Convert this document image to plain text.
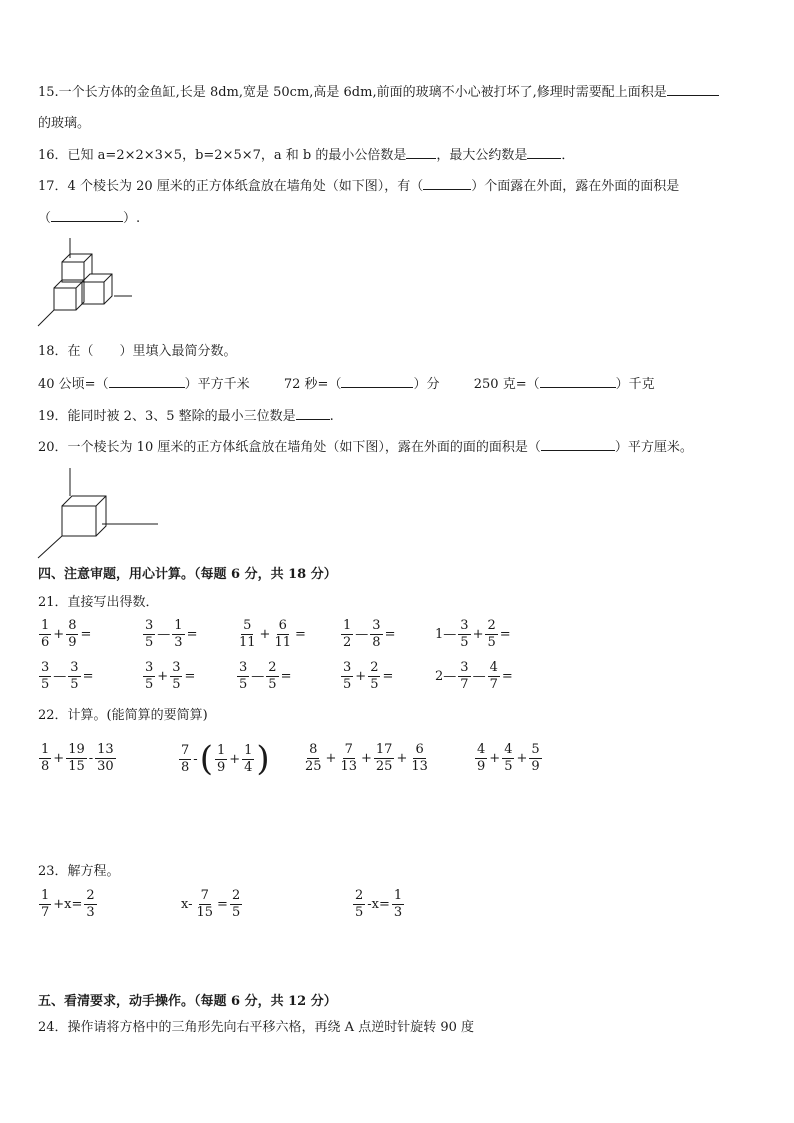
15.一个长方体的金鱼缸,长是 8dm,宽是 50cm,高是 6dm,前面的玻璃不小心被打坏了,修理时需要配上面积是
的玻璃。
16．已知 a=2×2×3×5，b=2×5×7，a 和 b 的最小公倍数是 ，最大公约数是	．
17．4 个棱长为 20 厘米的正方体纸盒放在墙角处（如下图），有（	）个面露在外面，露在外面的面积是
（	）.
18．在（　　）里填入最简分数。
40 公顷=（	）平方千米	72 秒=（	）分	250 克=（	）千克
19．能同时被 2、3、5 整除的最小三位数是	.
20．一个棱长为 10 厘米的正方体纸盒放在墙角处（如下图），露在外面的面的面积是（	）平方厘米。
四、注意审题，用心计算。（每题 6 分，共 18 分）
21．直接写出得数．
$\frac{1}{6} + \frac{8}{9}$ =	$\frac{3}{5}$ — $\frac{1}{3}$ =	$\frac{5}{11} + \frac{6}{11}$ =	$\frac{1}{2}$ — $\frac{3}{8}$ =	1— $\frac{3}{5} + \frac{2}{5}$ =
$\frac{3}{5}$ — $\frac{3}{5}$ =	$\frac{3}{5} + \frac{3}{5}$ =	$\frac{3}{5}$ — $\frac{2}{5}$ =	$\frac{3}{5} + \frac{2}{5}$ =	2— $\frac{3}{7}$ — $\frac{4}{7}$ =
22．计算。(能简算的要简算)
$\frac{1}{8} + \frac{19}{15} - \frac{13}{30}$	$\frac{7}{8}$ - ( $\frac{1}{9} + \frac{1}{4}$ )	$\frac{8}{25} + \frac{7}{13} + \frac{17}{25} + \frac{6}{13}$	$\frac{4}{9} + \frac{4}{5} + \frac{5}{9}$
23．解方程。
$\frac{1}{7} +x= \frac{2}{3}$	$x- \frac{7}{15} = \frac{2}{5}$	$\frac{2}{5} -x= \frac{1}{3}$
五、看清要求，动手操作。（每题 6 分，共 12 分）
24．操作请将方格中的三角形先向右平移六格，再绕 A 点逆时针旋转 90 度
